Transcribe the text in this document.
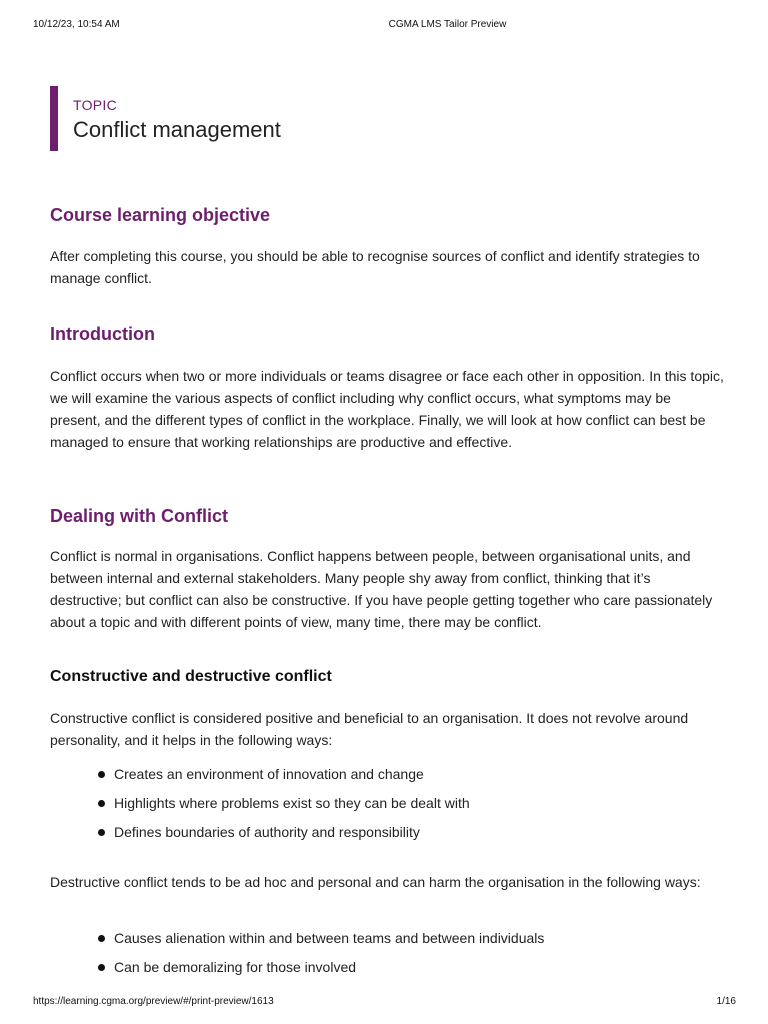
10/12/23, 10:54 AM	CGMA LMS Tailor Preview
TOPIC
Conflict management
Course learning objective

After completing this course, you should be able to recognise sources of conflict and identify strategies to manage conflict.

Introduction

Conflict occurs when two or more individuals or teams disagree or face each other in opposition. In this topic, we will examine the various aspects of conflict including why conflict occurs, what symptoms may be present, and the different types of conflict in the workplace. Finally, we will look at how conflict can best be managed to ensure that working relationships are productive and effective.

Dealing with Conflict

Conflict is normal in organisations. Conflict happens between people, between organisational units, and between internal and external stakeholders. Many people shy away from conflict, thinking that it’s destructive; but conflict can also be constructive. If you have people getting together who care passionately about a topic and with different points of view, many time, there may be conflict.

Constructive and destructive conflict

Constructive conflict is considered positive and beneficial to an organisation. It does not revolve around personality, and it helps in the following ways:

Creates an environment of innovation and change
Highlights where problems exist so they can be dealt with
Defines boundaries of authority and responsibility

Destructive conflict tends to be ad hoc and personal and can harm the organisation in the following ways:

Causes alienation within and between teams and between individuals
Can be demoralizing for those involved
https://learning.cgma.org/preview/#/print-preview/1613	1/16
